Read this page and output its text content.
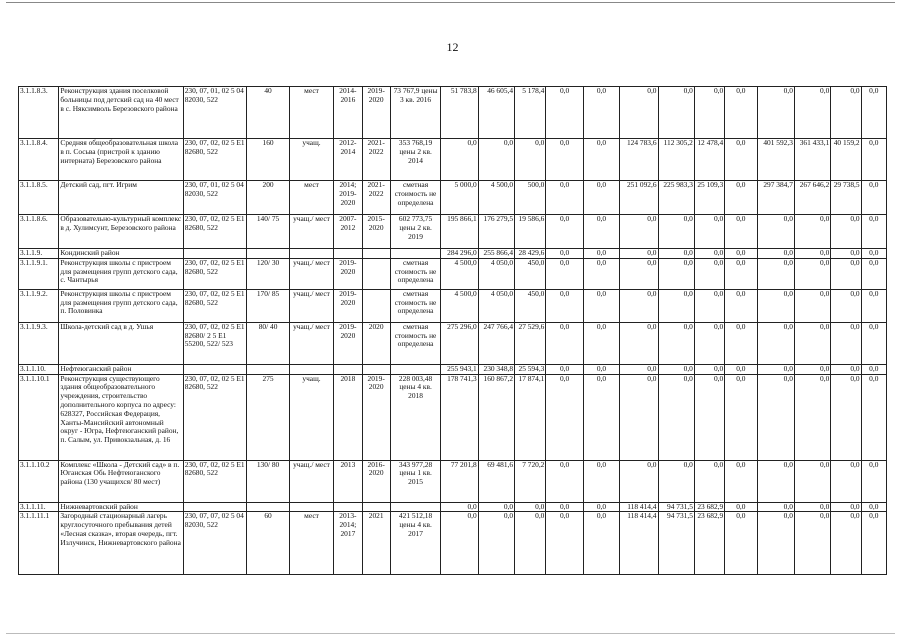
12
3.1.1.8.3.	Реконструкция здания поселковой больницы под детский сад на 40 мест в с. Няксимволь Березовского района	230, 07, 01, 02 5 04 82030, 522	40	мест	2014-2016	2019-2020	73 767,9 цены 3 кв. 2016	51 783,8	46 605,4	5 178,4	0,0	0,0	0,0	0,0	0,0	0,0	0,0	0,0	0,0	0,0
3.1.1.8.4.	Средняя общеобразовательная школа в п. Сосьва (пристрой к зданию интерната) Березовского района	230, 07, 02, 02 5 E1 82680, 522	160	учащ.	2012-2014	2021-2022	353 768,19 цены 2 кв. 2014	0,0	0,0	0,0	0,0	0,0	124 783,6	112 305,2	12 478,4	0,0	401 592,3	361 433,1	40 159,2	0,0
3.1.1.8.5.	Детский сад, пгт. Игрим	230, 07, 01, 02 5 04 82030, 522	200	мест	2014; 2019-2020	2021-2022	сметная стоимость не определена	5 000,0	4 500,0	500,0	0,0	0,0	251 092,6	225 983,3	25 109,3	0,0	297 384,7	267 646,2	29 738,5	0,0
3.1.1.8.6.	Образовательно-культурный комплекс в д. Хулимсунт, Березовского района	230, 07, 02, 02 5 E1 82680, 522	140/ 75	учащ./ мест	2007-2012	2015-2020	602 773,75 цены 2 кв. 2019	195 866,1	176 279,5	19 586,6	0,0	0,0	0,0	0,0	0,0	0,0	0,0	0,0	0,0	0,0
3.1.1.9.	Кондинский район							284 296,0	255 866,4	28 429,6	0,0	0,0	0,0	0,0	0,0	0,0	0,0	0,0	0,0	0,0
3.1.1.9.1.	Реконструкция школы с пристроем для размещения групп детского сада, с. Чантырья	230, 07, 02, 02 5 E1 82680, 522	120/ 30	учащ./ мест	2019-2020		сметная стоимость не определена	4 500,0	4 050,0	450,0	0,0	0,0	0,0	0,0	0,0	0,0	0,0	0,0	0,0	0,0
3.1.1.9.2.	Реконструкция школы с пристроем для размещения групп детского сада, п. Половинка	230, 07, 02, 02 5 E1 82680, 522	170/ 85	учащ./ мест	2019-2020		сметная стоимость не определена	4 500,0	4 050,0	450,0	0,0	0,0	0,0	0,0	0,0	0,0	0,0	0,0	0,0	0,0
3.1.1.9.3.	Школа-детский сад в д. Ушья	230, 07, 02, 02 5 E1 82680/ 2 5 E1 55200, 522/ 523	80/ 40	учащ./ мест	2019-2020	2020	сметная стоимость не определена	275 296,0	247 766,4	27 529,6	0,0	0,0	0,0	0,0	0,0	0,0	0,0	0,0	0,0	0,0
3.1.1.10.	Нефтеюганский район							255 943,1	230 348,8	25 594,3	0,0	0,0	0,0	0,0	0,0	0,0	0,0	0,0	0,0	0,0
3.1.1.10.1	Реконструкция существующего здания общеобразовательного учреждения, строительство дополнительного корпуса по адресу: 628327, Российская Федерация, Ханты-Мансийский автономный округ - Югра, Нефтеюганский район, п. Салым, ул. Привокзальная, д. 16	230, 07, 02, 02 5 E1 82680, 522	275	учащ.	2018	2019-2020	228 003,48 цены 4 кв. 2018	178 741,3	160 867,2	17 874,1	0,0	0,0	0,0	0,0	0,0	0,0	0,0	0,0	0,0	0,0
3.1.1.10.2	Комплекс «Школа - Детский сад» в п. Юганская Обь Нефтеюганского района (130 учащихся/ 80 мест)	230, 07, 02, 02 5 E1 82680, 522	130/ 80	учащ./ мест	2013	2016-2020	343 977,28 цены 1 кв. 2015	77 201,8	69 481,6	7 720,2	0,0	0,0	0,0	0,0	0,0	0,0	0,0	0,0	0,0	0,0
3.1.1.11.	Нижневартовский район							0,0	0,0	0,0	0,0	0,0	118 414,4	94 731,5	23 682,9	0,0	0,0	0,0	0,0	0,0
3.1.1.11.1	Загородный стационарный лагерь круглосуточного пребывания детей «Лесная сказка», вторая очередь, пгт. Излучинск, Нижневартовского района	230, 07, 07, 02 5 04 82030, 522	60	мест	2013-2014; 2017	2021	421 512,18 цены 4 кв. 2017	0,0	0,0	0,0	0,0	0,0	118 414,4	94 731,5	23 682,9	0,0	0,0	0,0	0,0	0,0
